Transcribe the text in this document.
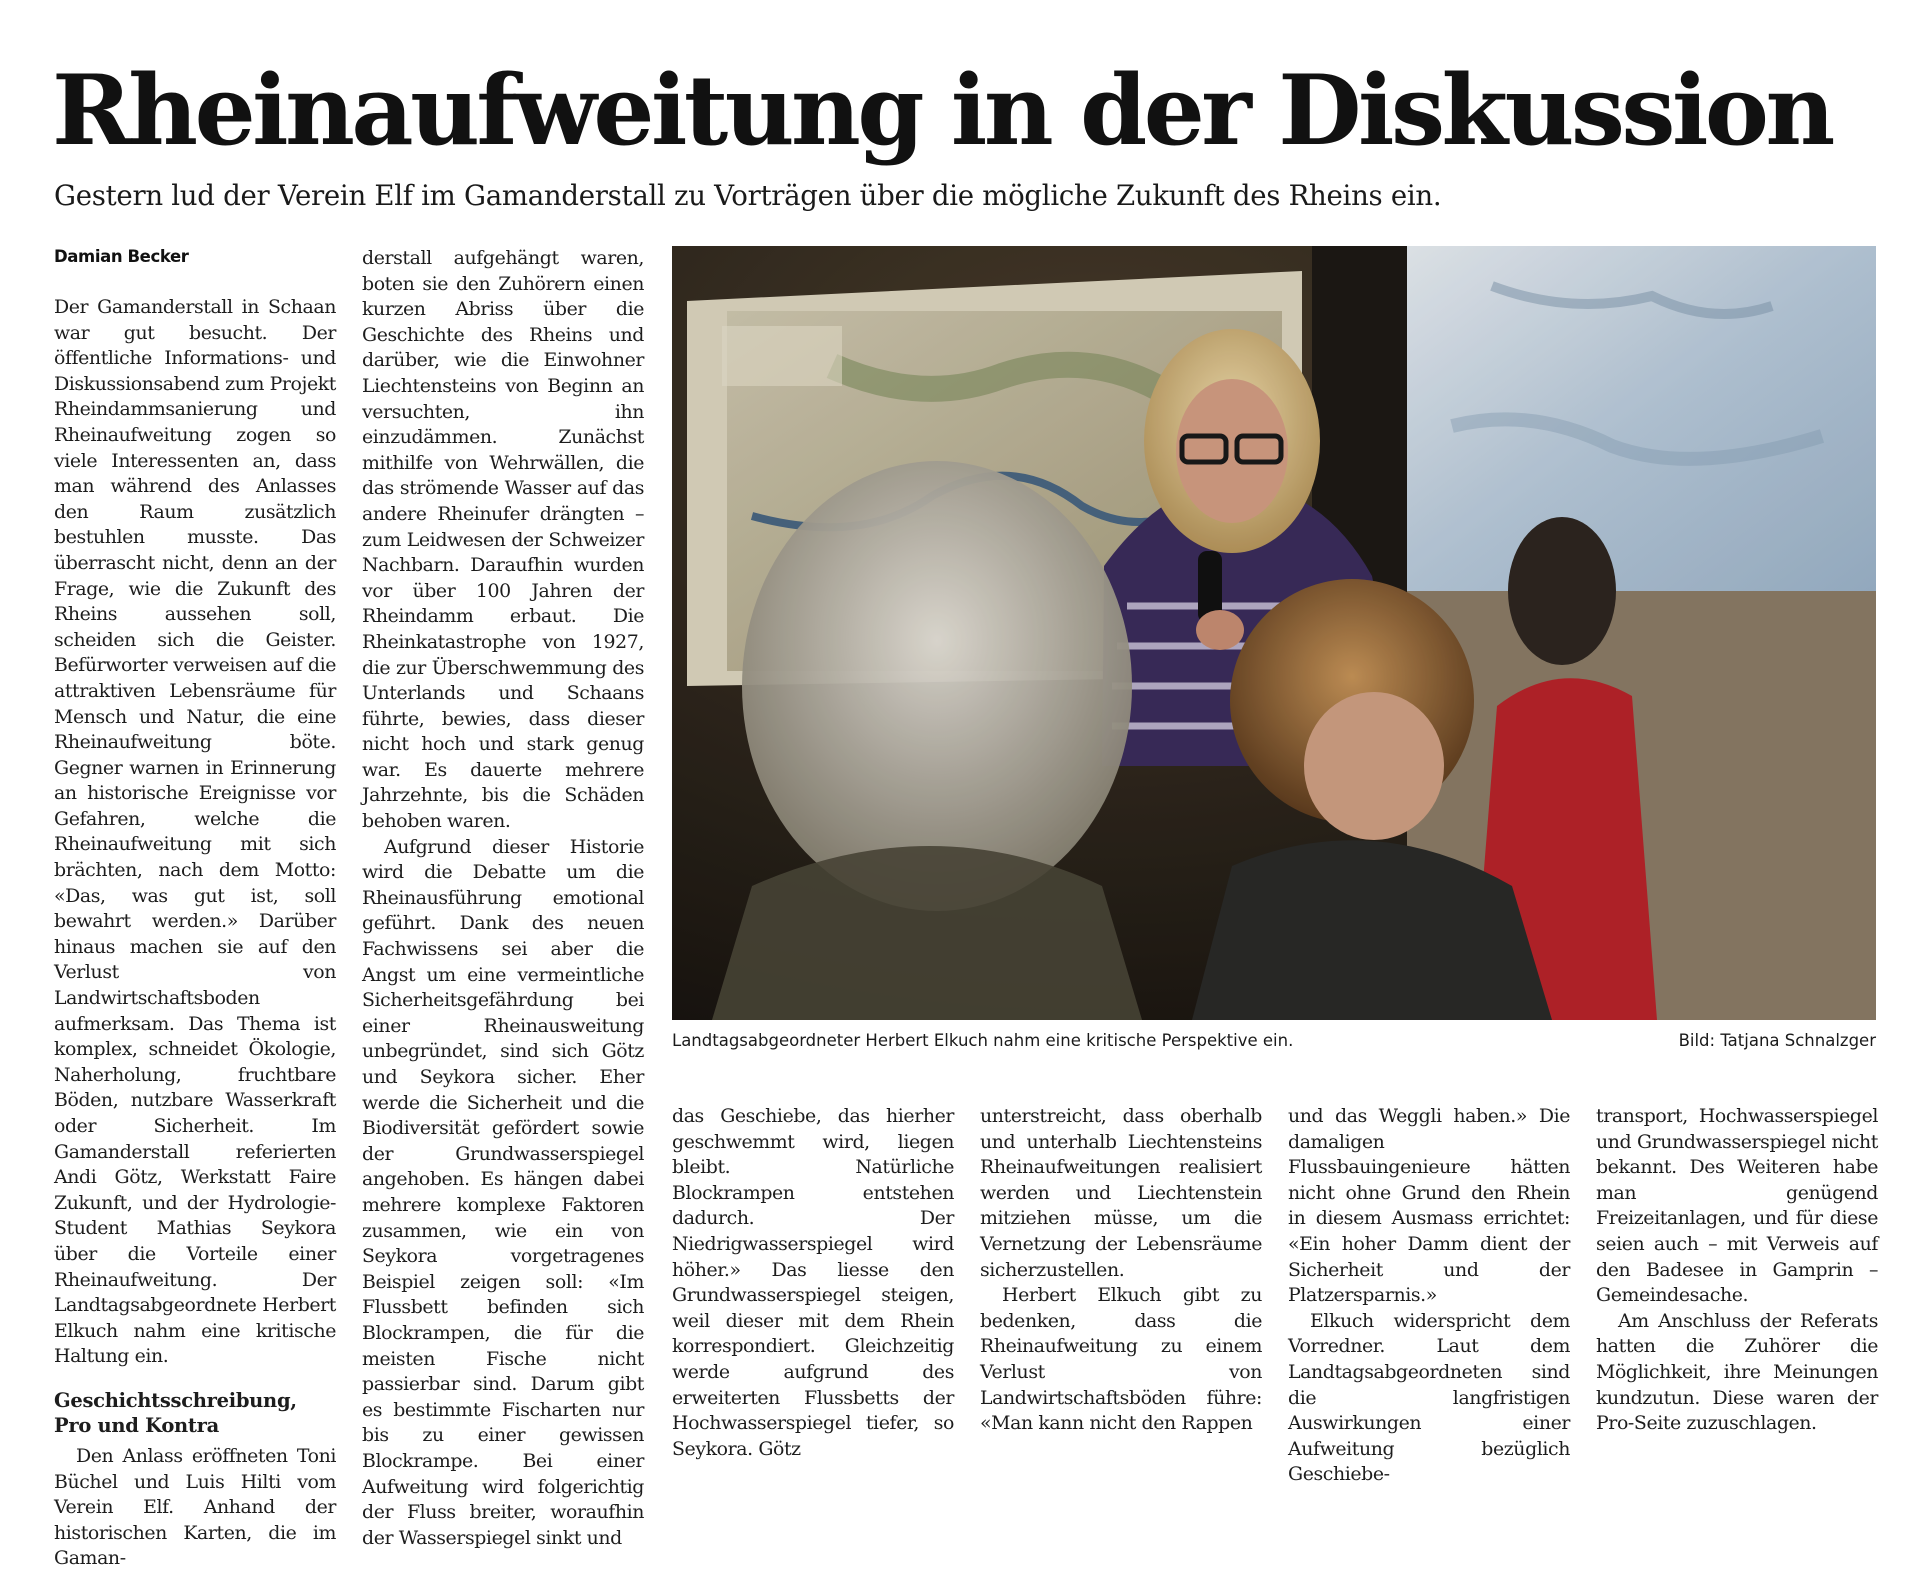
Rheinaufweitung in der Diskussion

Gestern lud der Verein Elf im Gamanderstall zu Vorträgen über die mögliche Zukunft des Rheins ein.

Damian Becker

Der Gamanderstall in Schaan war gut besucht. Der öffentliche Informations- und Diskussionsabend zum Projekt Rheindammsanierung und Rheinaufweitung zogen so viele Interessenten an, dass man während des Anlasses den Raum zusätzlich bestuhlen musste. Das überrascht nicht, denn an der Frage, wie die Zukunft des Rheins aussehen soll, scheiden sich die Geister. Befürworter verweisen auf die attraktiven Lebensräume für Mensch und Natur, die eine Rheinaufweitung böte. Gegner warnen in Erinnerung an historische Ereignisse vor Gefahren, welche die Rheinaufweitung mit sich brächten, nach dem Motto: «Das, was gut ist, soll bewahrt werden.» Darüber hinaus machen sie auf den Verlust von Landwirtschaftsboden aufmerksam. Das Thema ist komplex, schneidet Ökologie, Naherholung, fruchtbare Böden, nutzbare Wasserkraft oder Sicherheit. Im Gamanderstall referierten Andi Götz, Werkstatt Faire Zukunft, und der Hydrologie-Student Mathias Seykora über die Vorteile einer Rheinaufweitung. Der Landtagsabgeordnete Herbert Elkuch nahm eine kritische Haltung ein.

Geschichtsschreibung, Pro und Kontra

Den Anlass eröffneten Toni Büchel und Luis Hilti vom Verein Elf. Anhand der historischen Karten, die im Gaman-

derstall aufgehängt waren, boten sie den Zuhörern einen kurzen Abriss über die Geschichte des Rheins und darüber, wie die Einwohner Liechtensteins von Beginn an versuchten, ihn einzudämmen. Zunächst mithilfe von Wehrwällen, die das strömende Wasser auf das andere Rheinufer drängten – zum Leidwesen der Schweizer Nachbarn. Daraufhin wurden vor über 100 Jahren der Rheindamm erbaut. Die Rheinkatastrophe von 1927, die zur Überschwemmung des Unterlands und Schaans führte, bewies, dass dieser nicht hoch und stark genug war. Es dauerte mehrere Jahrzehnte, bis die Schäden behoben waren.

Aufgrund dieser Historie wird die Debatte um die Rheinausführung emotional geführt. Dank des neuen Fachwissens sei aber die Angst um eine vermeintliche Sicherheitsgefährdung bei einer Rheinausweitung unbegründet, sind sich Götz und Seykora sicher. Eher werde die Sicherheit und die Biodiversität gefördert sowie der Grundwasserspiegel angehoben. Es hängen dabei mehrere komplexe Faktoren zusammen, wie ein von Seykora vorgetragenes Beispiel zeigen soll: «Im Flussbett befinden sich Blockrampen, die für die meisten Fische nicht passierbar sind. Darum gibt es bestimmte Fischarten nur bis zu einer gewissen Blockrampe. Bei einer Aufweitung wird folgerichtig der Fluss breiter, woraufhin der Wasserspiegel sinkt und

Landtagsabgeordneter Herbert Elkuch nahm eine kritische Perspektive ein.	Bild: Tatjana Schnalzger

das Geschiebe, das hierher geschwemmt wird, liegen bleibt. Natürliche Blockrampen entstehen dadurch. Der Niedrigwasserspiegel wird höher.» Das liesse den Grundwasserspiegel steigen, weil dieser mit dem Rhein korrespondiert. Gleichzeitig werde aufgrund des erweiterten Flussbetts der Hochwasserspiegel tiefer, so Seykora. Götz

unterstreicht, dass oberhalb und unterhalb Liechtensteins Rheinaufweitungen realisiert werden und Liechtenstein mitziehen müsse, um die Vernetzung der Lebensräume sicherzustellen.

Herbert Elkuch gibt zu bedenken, dass die Rheinaufweitung zu einem Verlust von Landwirtschaftsböden führe: «Man kann nicht den Rappen

und das Weggli haben.» Die damaligen Flussbauingenieure hätten nicht ohne Grund den Rhein in diesem Ausmass errichtet: «Ein hoher Damm dient der Sicherheit und der Platzersparnis.»

Elkuch widerspricht dem Vorredner. Laut dem Landtagsabgeordneten sind die langfristigen Auswirkungen einer Aufweitung bezüglich Geschiebe-

transport, Hochwasserspiegel und Grundwasserspiegel nicht bekannt. Des Weiteren habe man genügend Freizeitanlagen, und für diese seien auch – mit Verweis auf den Badesee in Gamprin – Gemeindesache.

Am Anschluss der Referats hatten die Zuhörer die Möglichkeit, ihre Meinungen kundzutun. Diese waren der Pro-Seite zuzuschlagen.
